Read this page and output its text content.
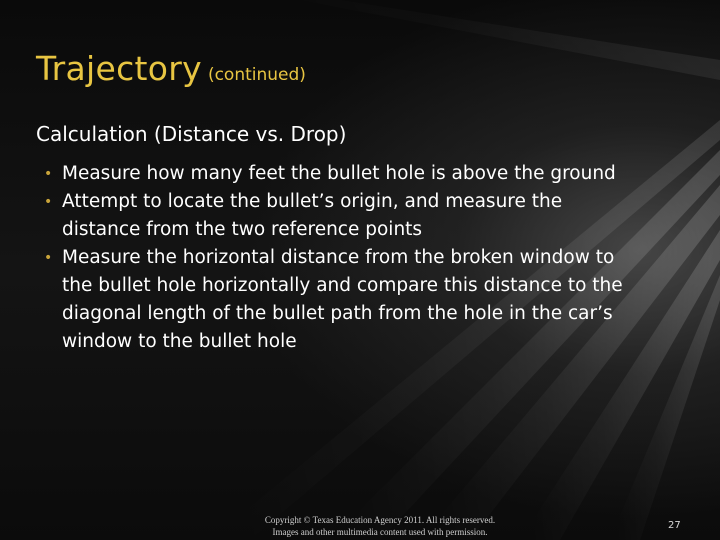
Trajectory (continued)
Calculation (Distance vs. Drop)
• Measure how many feet the bullet hole is above the ground
• Attempt to locate the bullet’s origin, and measure the distance from the two reference points
• Measure the horizontal distance from the broken window to the bullet hole horizontally and compare this distance to the diagonal length of the bullet path from the hole in the car’s window to the bullet hole
Copyright © Texas Education Agency 2011. All rights reserved.
Images and other multimedia content used with permission.
27
